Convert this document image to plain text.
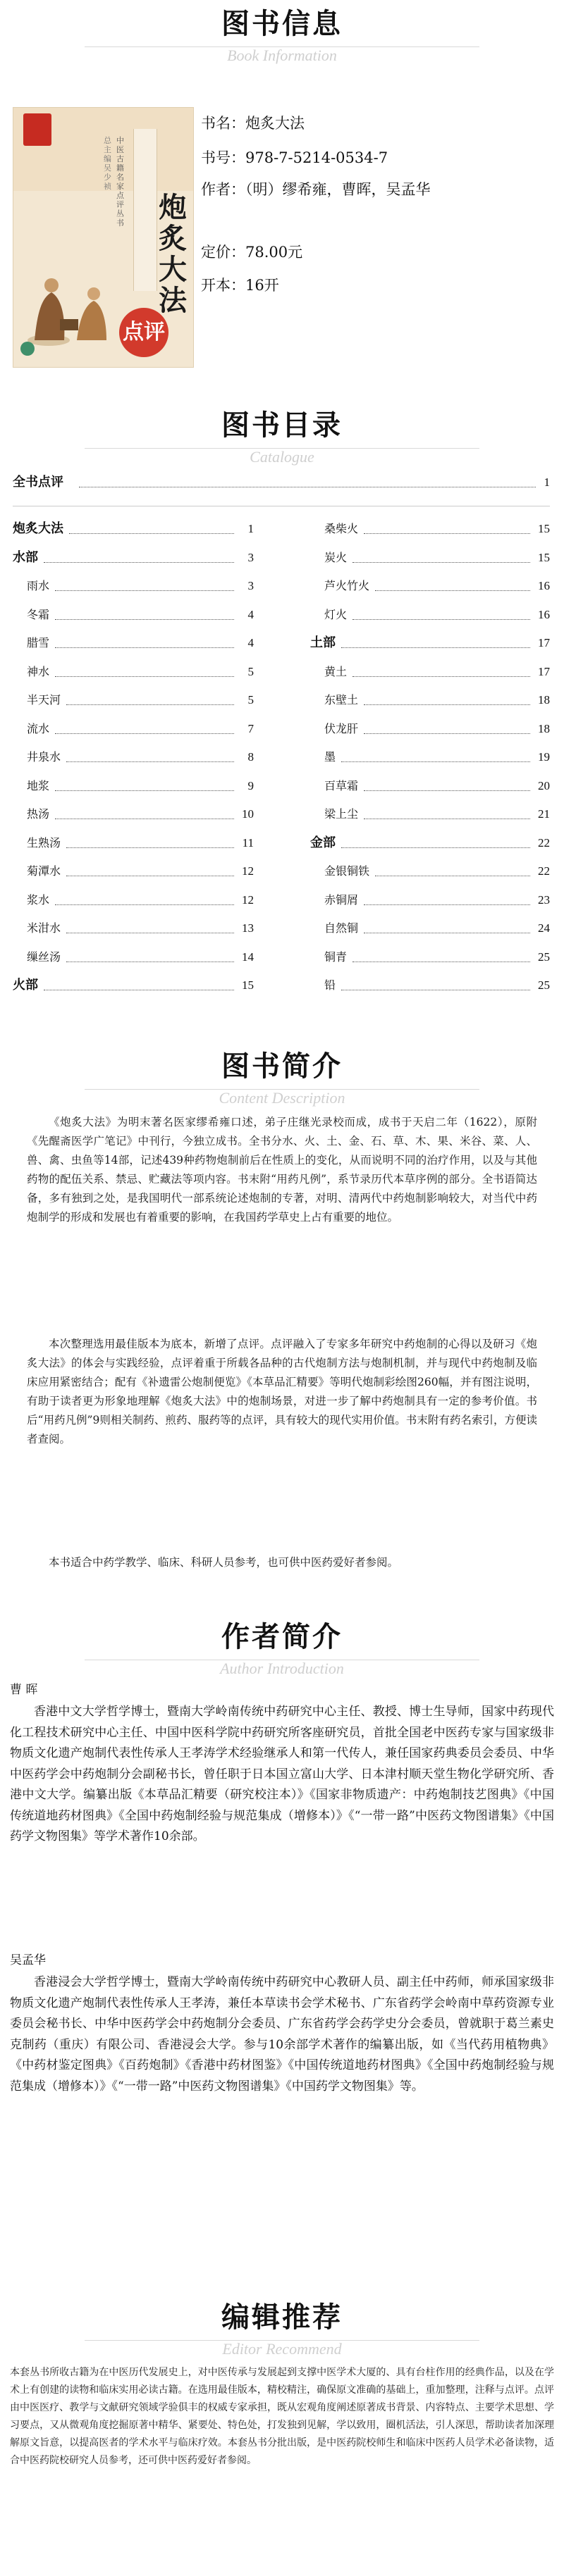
图书信息
Book Information
总主编 吴少祯
中医古籍名家点评丛书 炮炙大法
点评
书名：炮炙大法
书号：978-7-5214-0534-7
作者：（明）缪希雍，曹晖，吴孟华
定价：78.00元
开本：16开
图书目录
Catalogue
全书点评	1
炮炙大法	1
水部	3
雨水	3
冬霜	4
腊雪	4
神水	5
半天河	5
流水	7
井泉水	8
地浆	9
热汤	10
生熟汤	11
菊潭水	12
浆水	12
米泔水	13
缫丝汤	14
火部	15
桑柴火	15
炭火	15
芦火竹火	16
灯火	16
土部	17
黄土	17
东壁土	18
伏龙肝	18
墨	19
百草霜	20
梁上尘	21
金部	22
金银铜铁	22
赤铜屑	23
自然铜	24
铜青	25
铅	25
图书简介
Content Description
《炮炙大法》为明末著名医家缪希雍口述，弟子庄继光录校而成，成书于天启二年（1622），原附《先醒斋医学广笔记》中刊行，今独立成书。全书分水、火、土、金、石、草、木、果、米谷、菜、人、兽、禽、虫鱼等14部，记述439种药物炮制前后在性质上的变化，从而说明不同的治疗作用，以及与其他药物的配伍关系、禁忌、贮藏法等项内容。书末附“用药凡例”，系节录历代本草序例的部分。全书语简达备，多有独到之处，是我国明代一部系统论述炮制的专著，对明、清两代中药炮制影响较大，对当代中药炮制学的形成和发展也有着重要的影响，在我国药学草史上占有重要的地位。
本次整理选用最佳版本为底本，新增了点评。点评融入了专家多年研究中药炮制的心得以及研习《炮炙大法》的体会与实践经验，点评着重于所载各品种的古代炮制方法与炮制机制，并与现代中药炮制及临床应用紧密结合；配有《补遗雷公炮制便览》《本草品汇精要》等明代炮制彩绘图260幅，并有图注说明，有助于读者更为形象地理解《炮炙大法》中的炮制场景，对进一步了解中药炮制具有一定的参考价值。书后“用药凡例”9则相关制药、煎药、服药等的点评，具有较大的现代实用价值。书末附有药名索引，方便读者查阅。
本书适合中药学教学、临床、科研人员参考，也可供中医药爱好者参阅。
作者简介
Author Introduction
曹 晖
香港中文大学哲学博士，暨南大学岭南传统中药研究中心主任、教授、博士生导师，国家中药现代化工程技术研究中心主任、中国中医科学院中药研究所客座研究员，首批全国老中医药专家与国家级非物质文化遗产炮制代表性传承人王孝涛学术经验继承人和第一代传人，兼任国家药典委员会委员、中华中医药学会中药炮制分会副秘书长，曾任职于日本国立富山大学、日本津村顺天堂生物化学研究所、香港中文大学。编纂出版《本草品汇精要（研究校注本）》《国家非物质遗产：中药炮制技艺图典》《中国传统道地药材图典》《全国中药炮制经验与规范集成（增修本）》《“一带一路”中医药文物图谱集》《中国药学文物图集》等学术著作10余部。
吴孟华
香港浸会大学哲学博士，暨南大学岭南传统中药研究中心教研人员、副主任中药师，师承国家级非物质文化遗产炮制代表性传承人王孝涛，兼任本草读书会学术秘书、广东省药学会岭南中草药资源专业委员会秘书长、中华中医药学会中药炮制分会委员、广东省药学会药学史分会委员，曾就职于葛兰素史克制药（重庆）有限公司、香港浸会大学。参与10余部学术著作的编纂出版，如《当代药用植物典》《中药材鉴定图典》《百药炮制》《香港中药材图鉴》《中国传统道地药材图典》《全国中药炮制经验与规范集成（增修本）》《“一带一路”中医药文物图谱集》《中国药学文物图集》等。
编辑推荐
Editor Recommend
本套丛书所收古籍为在中医历代发展史上，对中医传承与发展起到支撑中医学术大厦的、具有台柱作用的经典作品，以及在学术上有创建的读物和临床实用必读古籍。在选用最佳版本，精校精注，确保原文准确的基础上，重加整理，注释与点评。点评由中医医疗、教学与文献研究领域学验俱丰的权威专家承担，既从宏观角度阐述原著成书背景、内容特点、主要学术思想、学习要点，又从微观角度挖掘原著中精华、紧要处、特色处，打发独到见解，学以致用，圈机活法，引人深思，帮助读者加深理解原文旨意，以提高医者的学术水平与临床疗效。本套丛书分批出版，是中医药院校师生和临床中医药人员学术必备读物，适合中医药院校研究人员参考，还可供中医药爱好者参阅。
